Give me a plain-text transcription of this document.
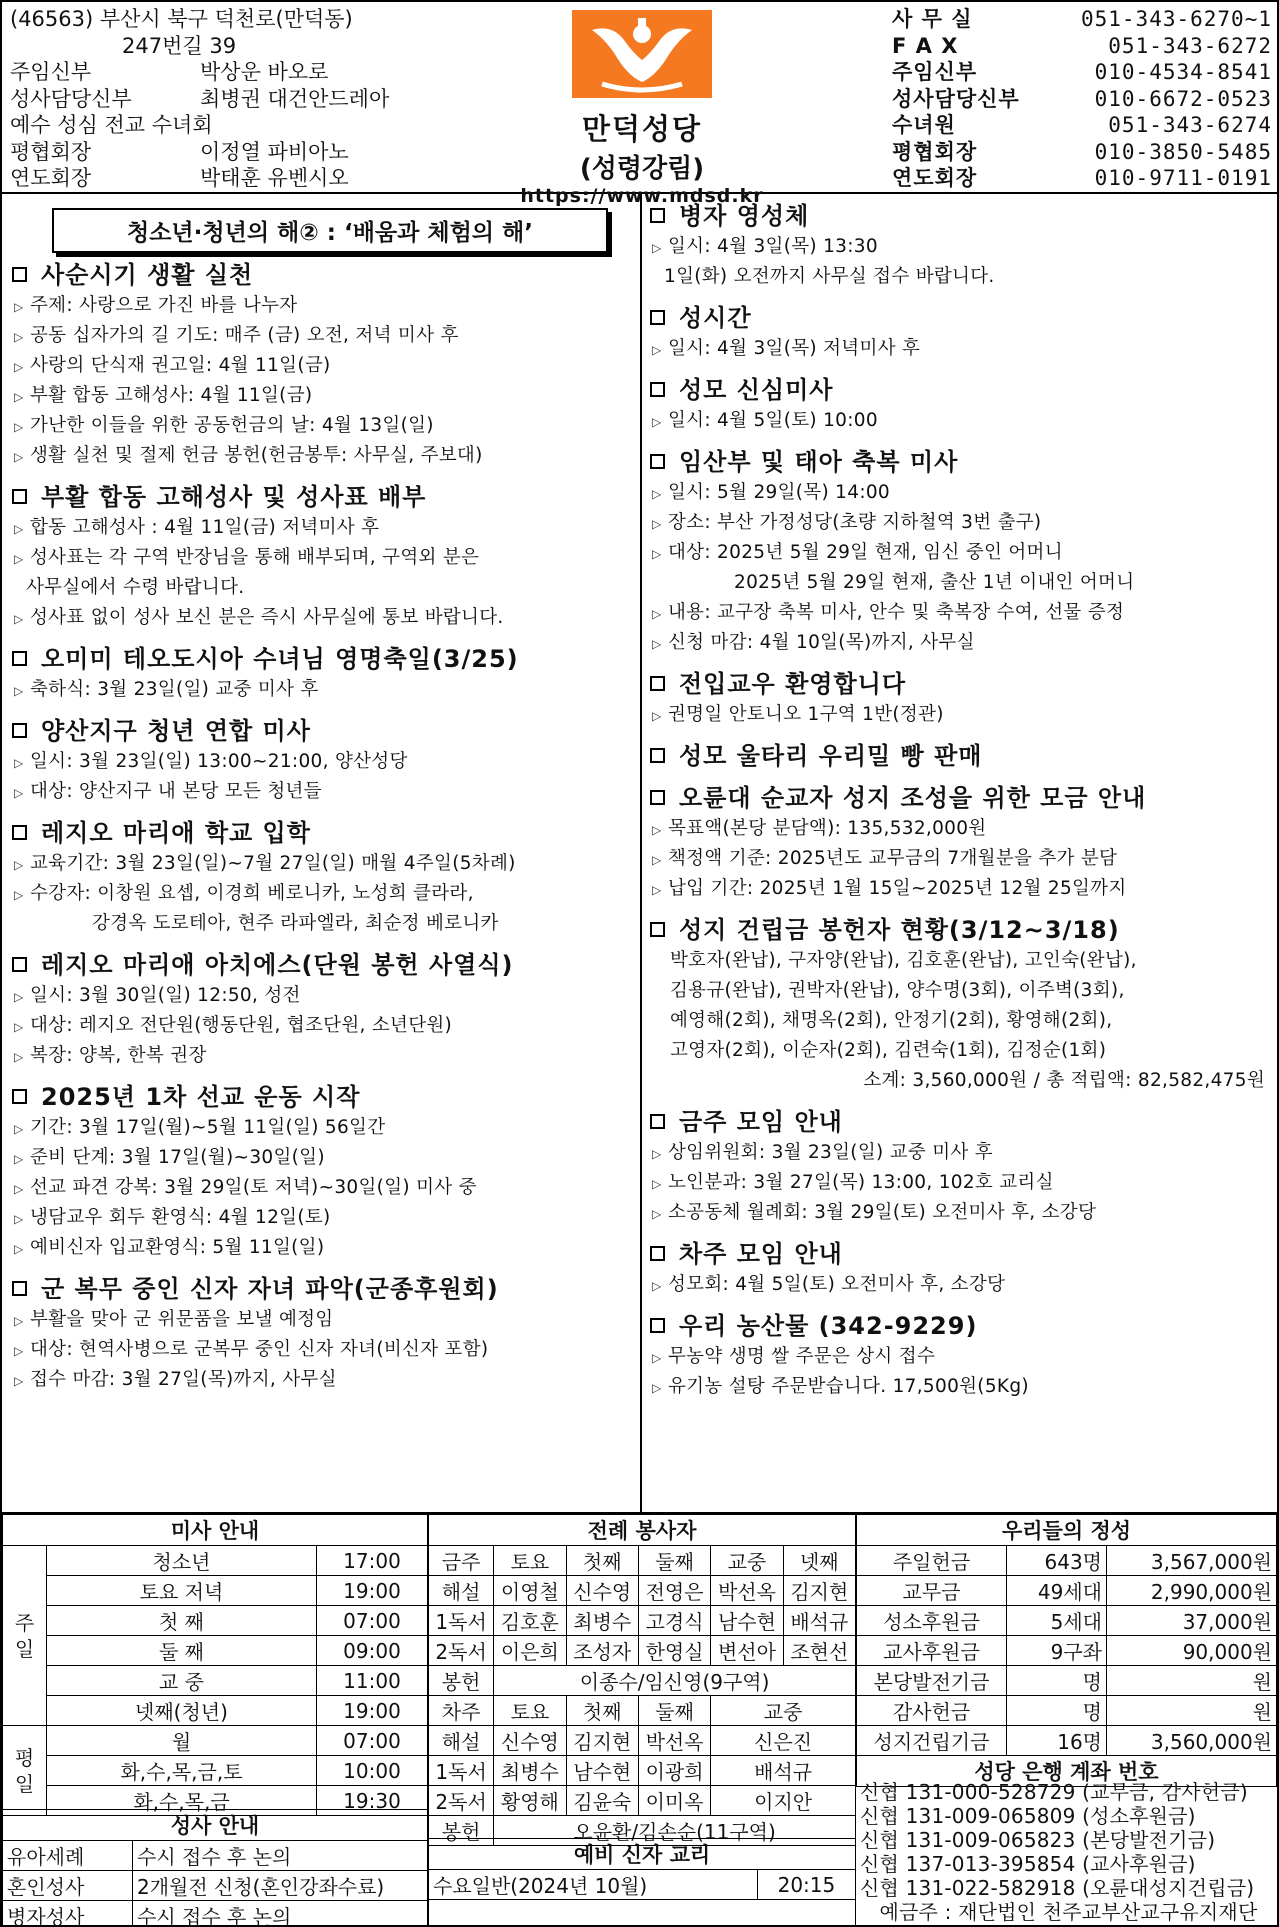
(46563) 부산시 북구 덕천로(만덕동)
247번길 39
주임신부	박상운 바오로
성사담당신부	최병권 대건안드레아
예수 성심 전교 수녀회
평협회장	이정열 파비아노
연도회장	박태훈 유벤시오
만덕성당
(성령강림)
https://www.mdsd.kr
사 무 실	051-343-6270~1
F A X	051-343-6272
주임신부	010-4534-8541
성사담당신부	010-6672-0523
수녀원	051-343-6274
평협회장	010-3850-5485
연도회장	010-9711-0191
청소년·청년의 해② : ‘배움과 체험의 해’
사순시기 생활 실천
▷ 주제: 사랑으로 가진 바를 나누자
▷ 공동 십자가의 길 기도: 매주 (금) 오전, 저녁 미사 후
▷ 사랑의 단식재 권고일: 4월 11일(금)
▷ 부활 합동 고해성사: 4월 11일(금)
▷ 가난한 이들을 위한 공동헌금의 날: 4월 13일(일)
▷ 생활 실천 및 절제 헌금 봉헌(헌금봉투: 사무실, 주보대)
부활 합동 고해성사 및 성사표 배부
▷ 합동 고해성사 : 4월 11일(금) 저녁미사 후
▷ 성사표는 각 구역 반장님을 통해 배부되며, 구역외 분은
사무실에서 수령 바랍니다.
▷ 성사표 없이 성사 보신 분은 즉시 사무실에 통보 바랍니다.
오미미 테오도시아 수녀님 영명축일(3/25)
▷ 축하식: 3월 23일(일) 교중 미사 후
양산지구 청년 연합 미사
▷ 일시: 3월 23일(일) 13:00~21:00, 양산성당
▷ 대상: 양산지구 내 본당 모든 청년들
레지오 마리애 학교 입학
▷ 교육기간: 3월 23일(일)~7월 27일(일) 매월 4주일(5차례)
▷ 수강자: 이창원 요셉, 이경희 베로니카, 노성희 클라라,
강경옥 도로테아, 현주 라파엘라, 최순정 베로니카
레지오 마리애 아치에스(단원 봉헌 사열식)
▷ 일시: 3월 30일(일) 12:50, 성전
▷ 대상: 레지오 전단원(행동단원, 협조단원, 소년단원)
▷ 복장: 양복, 한복 권장
2025년 1차 선교 운동 시작
▷ 기간: 3월 17일(월)~5월 11일(일) 56일간
▷ 준비 단계: 3월 17일(월)~30일(일)
▷ 선교 파견 강복: 3월 29일(토 저녁)~30일(일) 미사 중
▷ 냉담교우 회두 환영식: 4월 12일(토)
▷ 예비신자 입교환영식: 5월 11일(일)
군 복무 중인 신자 자녀 파악(군종후원회)
▷ 부활을 맞아 군 위문품을 보낼 예정임
▷ 대상: 현역사병으로 군복무 중인 신자 자녀(비신자 포함)
▷ 접수 마감: 3월 27일(목)까지, 사무실
병자 영성체
▷ 일시: 4월 3일(목) 13:30
1일(화) 오전까지 사무실 접수 바랍니다.
성시간
▷ 일시: 4월 3일(목) 저녁미사 후
성모 신심미사
▷ 일시: 4월 5일(토) 10:00
임산부 및 태아 축복 미사
▷ 일시: 5월 29일(목) 14:00
▷ 장소: 부산 가정성당(초량 지하철역 3번 출구)
▷ 대상: 2025년 5월 29일 현재, 임신 중인 어머니
2025년 5월 29일 현재, 출산 1년 이내인 어머니
▷ 내용: 교구장 축복 미사, 안수 및 축복장 수여, 선물 증정
▷ 신청 마감: 4월 10일(목)까지, 사무실
전입교우 환영합니다
▷ 권명일 안토니오 1구역 1반(정관)
성모 울타리 우리밀 빵 판매
오륜대 순교자 성지 조성을 위한 모금 안내
▷ 목표액(본당 분담액): 135,532,000원
▷ 책정액 기준: 2025년도 교무금의 7개월분을 추가 분담
▷ 납입 기간: 2025년 1월 15일~2025년 12월 25일까지
성지 건립금 봉헌자 현황(3/12~3/18)
박호자(완납), 구자양(완납), 김호훈(완납), 고인숙(완납),
김용규(완납), 권박자(완납), 양수명(3회), 이주벽(3회),
예영해(2회), 채명옥(2회), 안정기(2회), 황영해(2회),
고영자(2회), 이순자(2회), 김련숙(1회), 김정순(1회)
소계: 3,560,000원 / 총 적립액: 82,582,475원
금주 모임 안내
▷ 상임위원회: 3월 23일(일) 교중 미사 후
▷ 노인분과: 3월 27일(목) 13:00, 102호 교리실
▷ 소공동체 월례회: 3월 29일(토) 오전미사 후, 소강당
차주 모임 안내
▷ 성모회: 4월 5일(토) 오전미사 후, 소강당
우리 농산물 (342-9229)
▷ 무농약 생명 쌀 주문은 상시 접수
▷ 유기농 설탕 주문받습니다. 17,500원(5Kg)
미사 안내		
주일	청소년	17:00
	토요 저녁	19:00
	첫 째	07:00
	둘 째	09:00
	교 중	11:00
	넷째(청년)	19:00
평일	월	07:00
	화,수,목,금,토	10:00
	화,수,목,금	19:30
성사 안내	
유아세례	수시 접수 후 논의
혼인성사	2개월전 신청(혼인강좌수료)
병자성사	수시 접수 후 논의
전례 봉사자					
금주	토요	첫째	둘째	교중	넷째
해설	이영철	신수영	전영은	박선옥	김지현
1독서	김호훈	최병수	고경식	남수현	배석규
2독서	이은희	조성자	한영실	변선아	조현선
봉헌	이종수/임신영(9구역)				
차주	토요	첫째	둘째	교중	
해설	신수영	김지현	박선옥	신은진	
1독서	최병수	남수현	이광희	배석규	
2독서	황영해	김윤숙	이미옥	이지안	
봉헌	오윤환/김손순(11구역)				
예비 신자 교리
수요일반(2024년 10월)	20:15

우리들의 정성		
주일헌금	643명	3,567,000원
교무금	49세대	2,990,000원
성소후원금	5세대	37,000원
교사후원금	9구좌	90,000원
본당발전기금	명	원
감사헌금	명	원
성지건립기금	16명	3,560,000원
성당 은행 계좌 번호		
신협 131-000-528729 (교무금, 감사헌금)
신협 131-009-065809 (성소후원금)
신협 131-009-065823 (본당발전기금)
신협 137-013-395854 (교사후원금)
신협 131-022-582918 (오륜대성지건립금)
예금주 : 재단법인 천주교부산교구유지재단
